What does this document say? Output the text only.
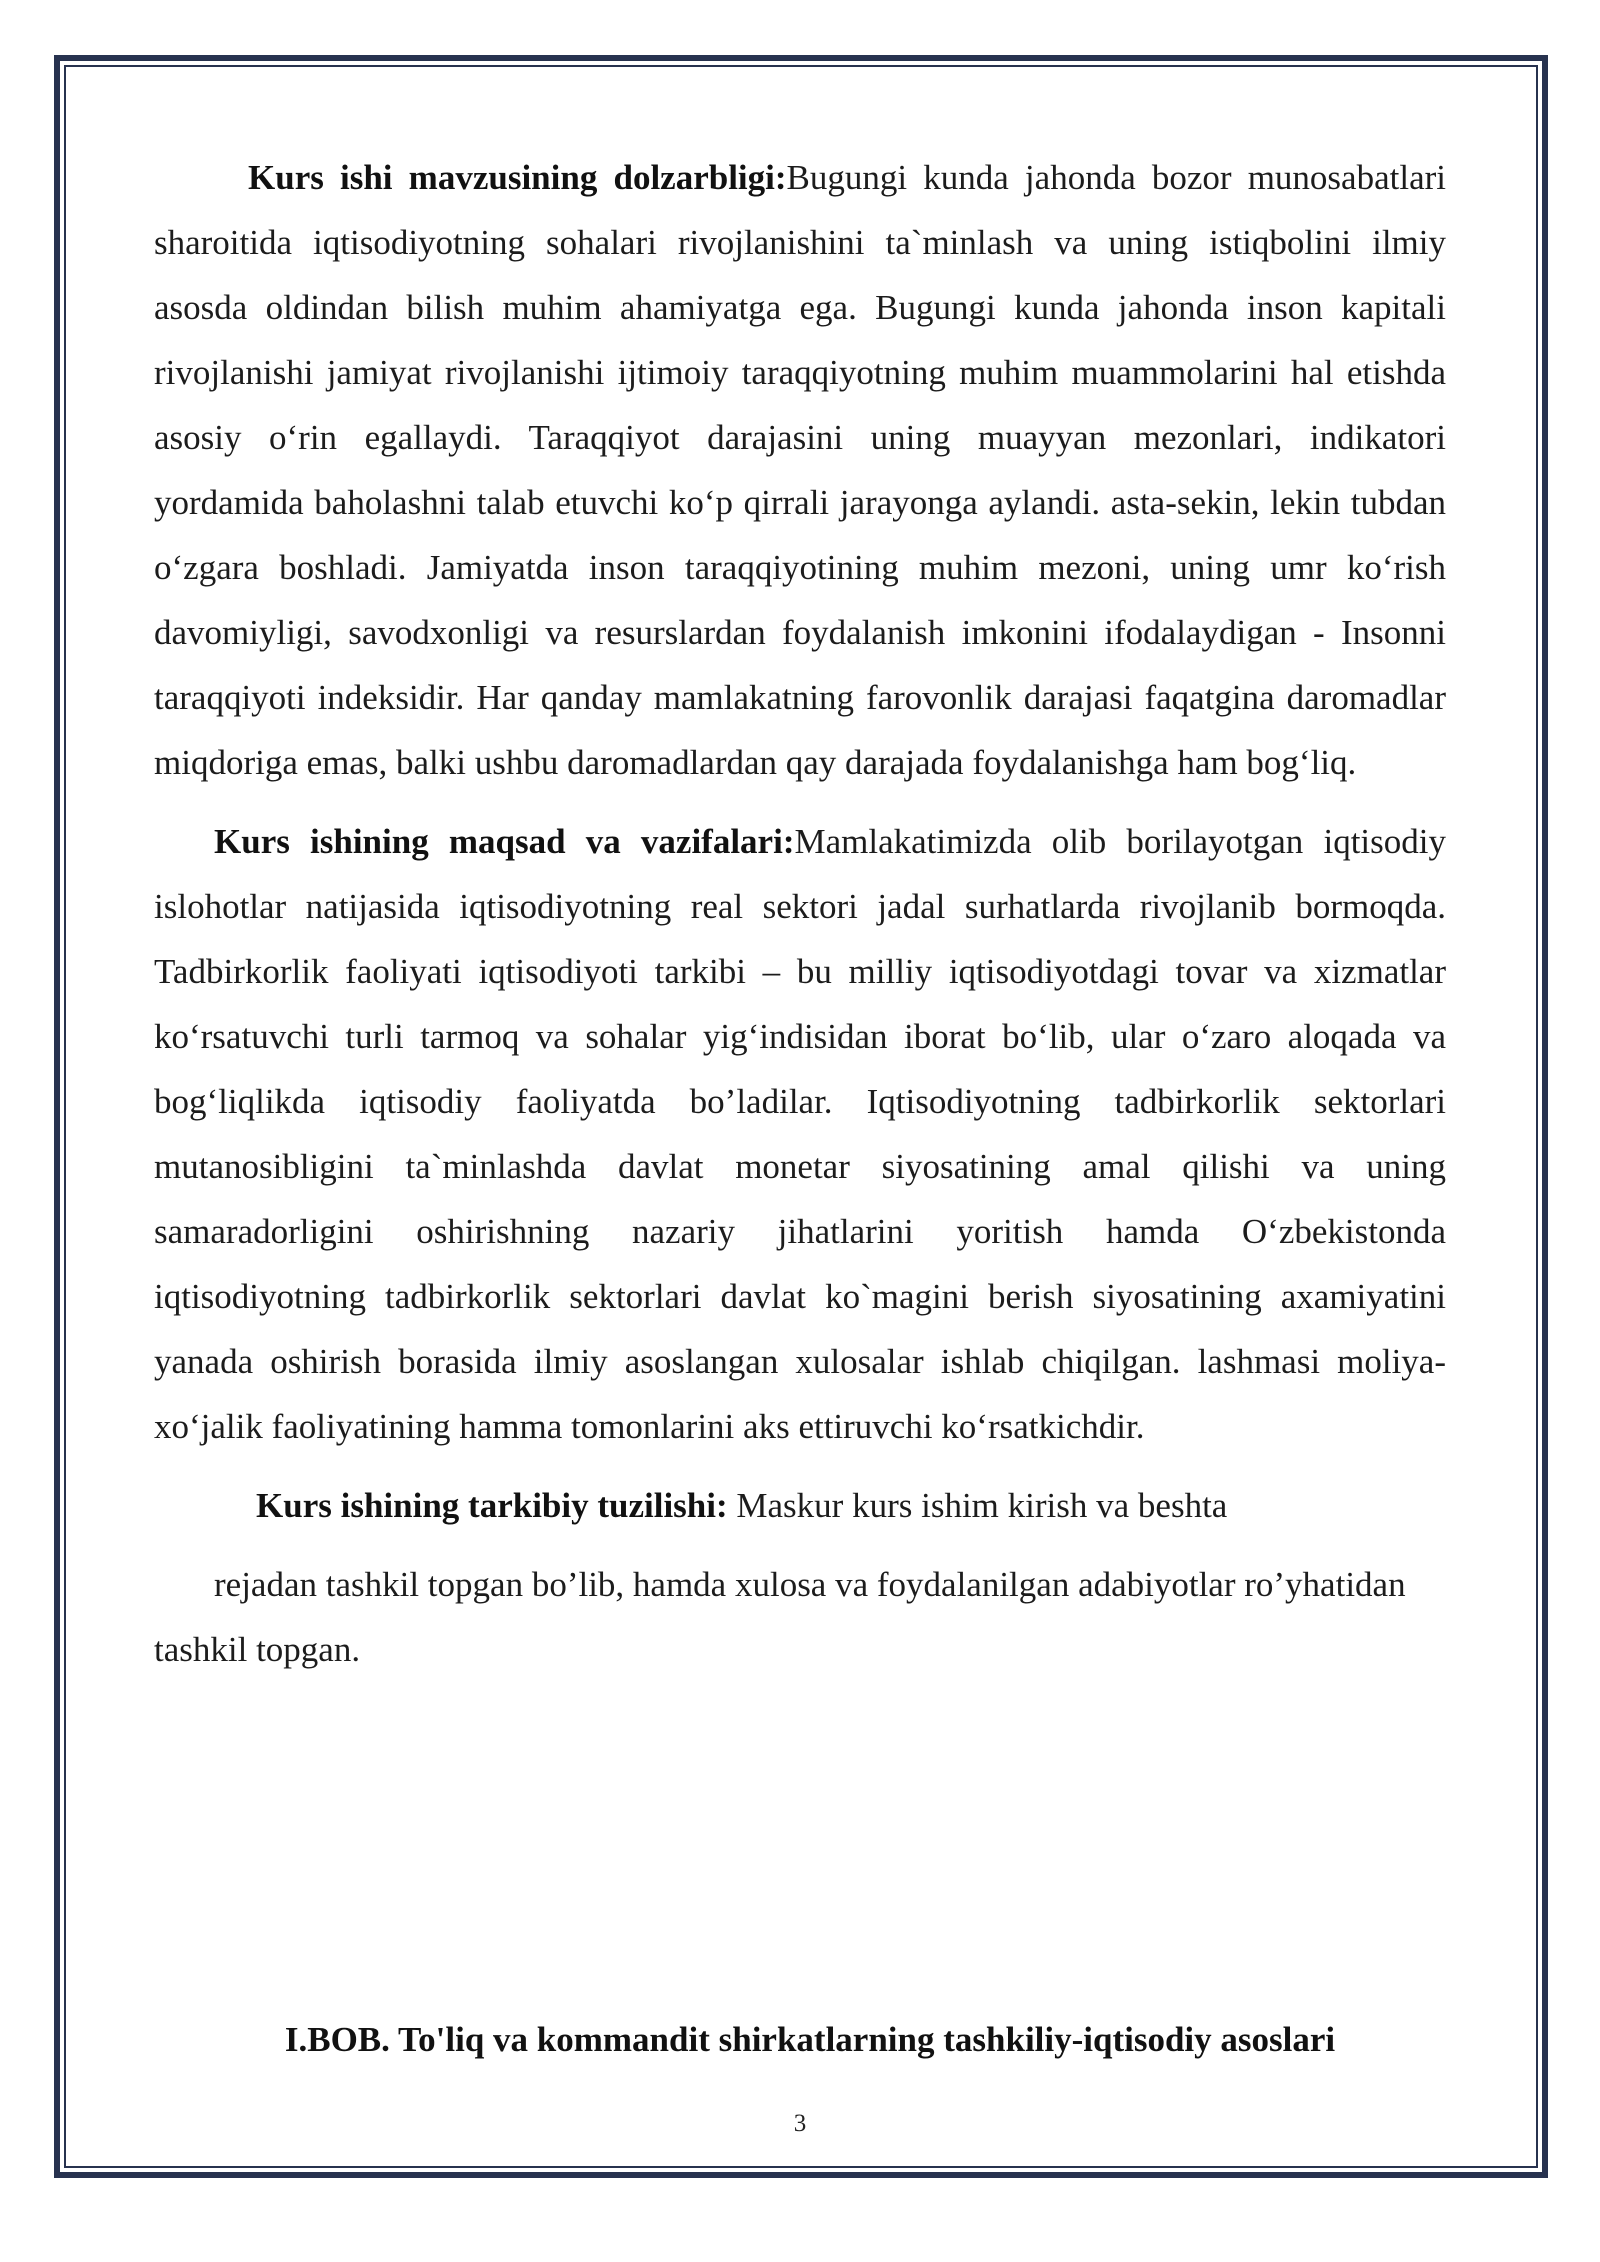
Kurs ishi mavzusining dolzarbligi:Bugungi kunda jahonda bozor munosabatlari sharoitida iqtisodiyotning sohalari rivojlanishini ta`minlash va uning istiqbolini ilmiy asosda oldindan bilish muhim ahamiyatga ega. Bugungi kunda jahonda inson kapitali rivojlanishi jamiyat rivojlanishi ijtimoiy taraqqiyotning muhim muammolarini hal etishda asosiy o‘rin egallaydi. Taraqqiyot darajasini uning muayyan mezonlari, indikatori yordamida baholashni talab etuvchi ko‘p qirrali jarayonga aylandi. asta-sekin, lekin tubdan o‘zgara boshladi. Jamiyatda inson taraqqiyotining muhim mezoni, uning umr ko‘rish davomiyligi, savodxonligi va resurslardan foydalanish imkonini ifodalaydigan - Insonni taraqqiyoti indeksidir. Har qanday mamlakatning farovonlik darajasi faqatgina daromadlar miqdoriga emas, balki ushbu daromadlardan qay darajada foydalanishga ham bog‘liq.

Kurs ishining maqsad va vazifalari:Mamlakatimizda olib borilayotgan iqtisodiy islohotlar natijasida iqtisodiyotning real sektori jadal surhatlarda rivojlanib bormoqda. Tadbirkorlik faoliyati iqtisodiyoti tarkibi – bu milliy iqtisodiyotdagi tovar va xizmatlar ko‘rsatuvchi turli tarmoq va sohalar yig‘indisidan iborat bo‘lib, ular o‘zaro aloqada va bog‘liqlikda iqtisodiy faoliyatda bo’ladilar. Iqtisodiyotning tadbirkorlik sektorlari mutanosibligini ta`minlashda davlat monetar siyosatining amal qilishi va uning samaradorligini oshirishning nazariy jihatlarini yoritish hamda O‘zbekistonda iqtisodiyotning tadbirkorlik sektorlari davlat ko`magini berish siyosatining axamiyatini yanada oshirish borasida ilmiy asoslangan xulosalar ishlab chiqilgan. lashmasi moliya-xo‘jalik faoliyatining hamma tomonlarini aks ettiruvchi ko‘rsatkichdir.

Kurs ishining tarkibiy tuzilishi: Maskur kurs ishim kirish va beshta

rejadan tashkil topgan bo’lib, hamda xulosa va foydalanilgan adabiyotlar ro’yhatidan tashkil topgan.

I.BOB. To'liq va kommandit shirkatlarning tashkiliy-iqtisodiy asoslari
3
